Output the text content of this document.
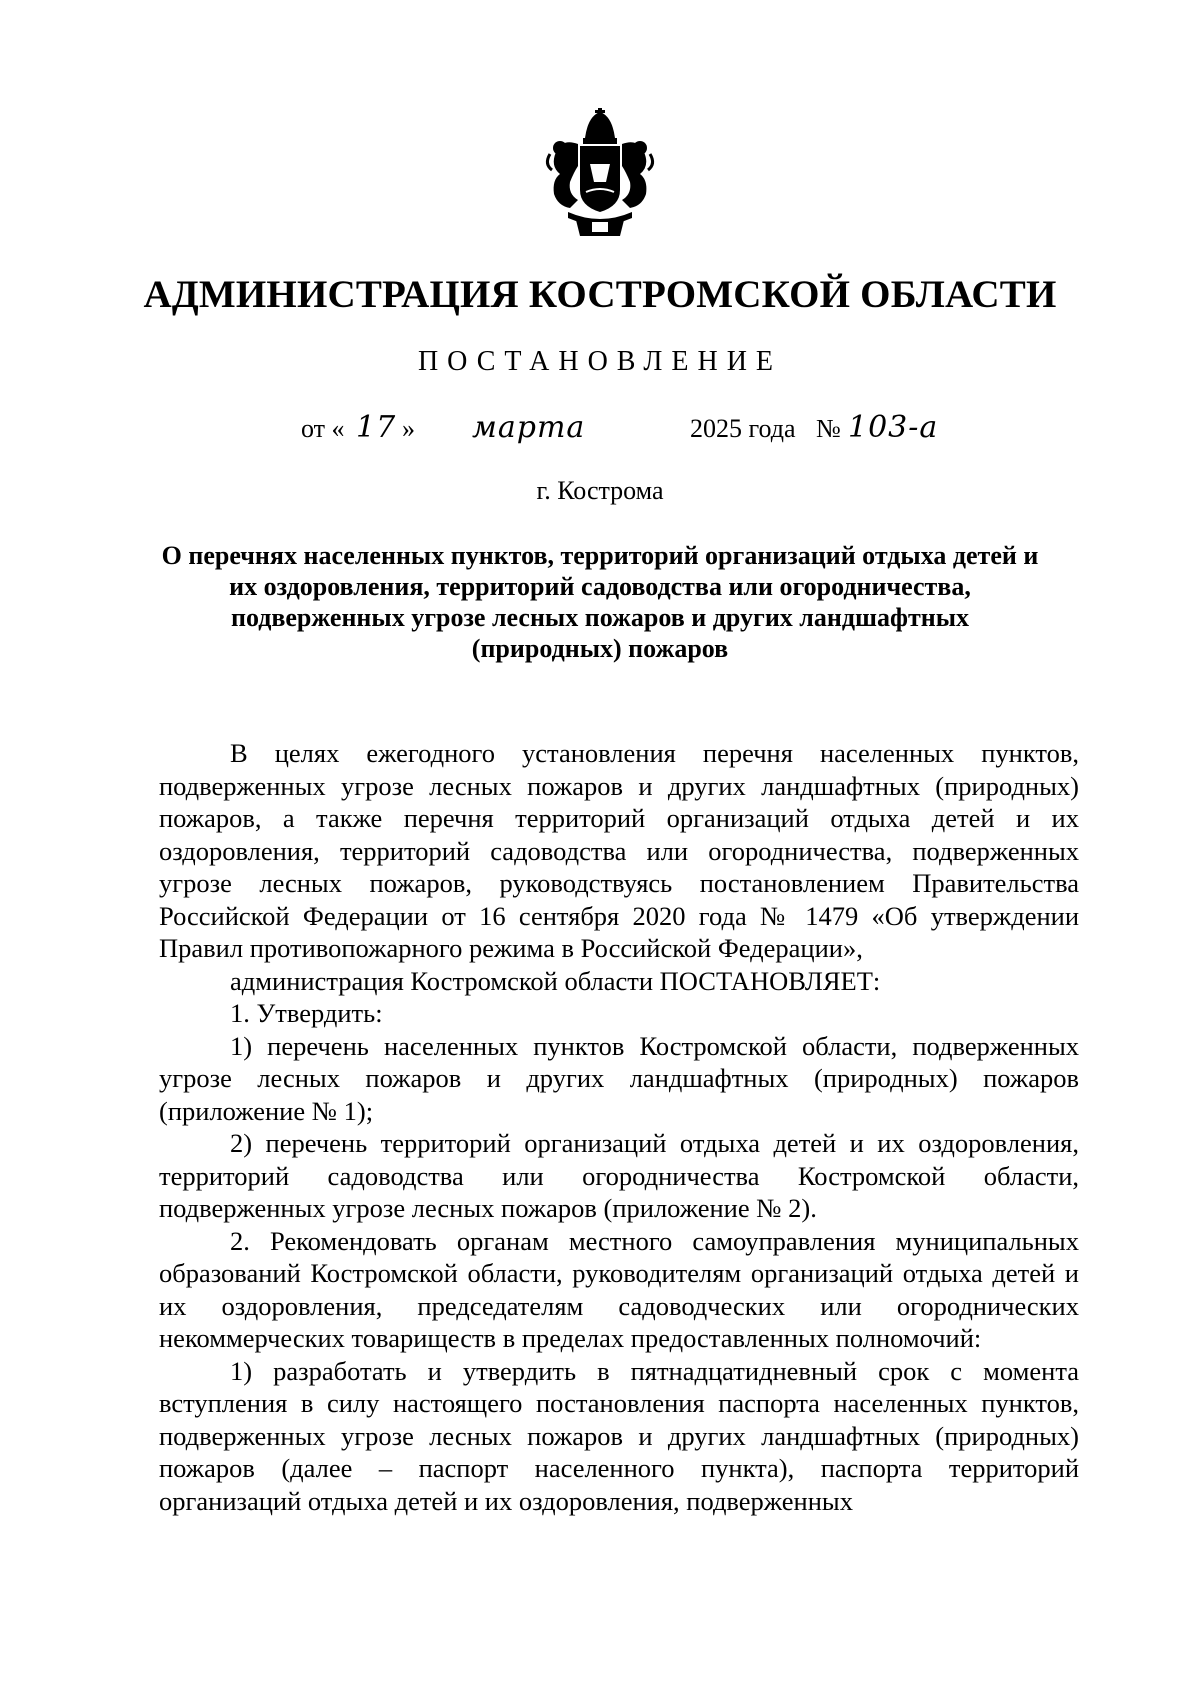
АДМИНИСТРАЦИЯ КОСТРОМСКОЙ ОБЛАСТИ
ПОСТАНОВЛЕНИЕ
от « 17 » марта	2025 года № 103-а
г. Кострома
О перечнях населенных пунктов, территорий организаций отдыха детей и их оздоровления, территорий садоводства или огородничества, подверженных угрозе лесных пожаров и других ландшафтных (природных) пожаров

В целях ежегодного установления перечня населенных пунктов, подверженных угрозе лесных пожаров и других ландшафтных (природных) пожаров, а также перечня территорий организаций отдыха детей и их оздоровления, территорий садоводства или огородничества, подверженных угрозе лесных пожаров, руководствуясь постановлением Правительства Российской Федерации от 16 сентября 2020 года № 1479 «Об утверждении Правил противопожарного режима в Российской Федерации»,

администрация Костромской области ПОСТАНОВЛЯЕТ:

1. Утвердить:

1) перечень населенных пунктов Костромской области, подверженных угрозе лесных пожаров и других ландшафтных (природных) пожаров (приложение № 1);

2) перечень территорий организаций отдыха детей и их оздоровления, территорий садоводства или огородничества Костромской области, подверженных угрозе лесных пожаров (приложение № 2).

2. Рекомендовать органам местного самоуправления муниципальных образований Костромской области, руководителям организаций отдыха детей и их оздоровления, председателям садоводческих или огороднических некоммерческих товариществ в пределах предоставленных полномочий:

1) разработать и утвердить в пятнадцатидневный срок с момента вступления в силу настоящего постановления паспорта населенных пунктов, подверженных угрозе лесных пожаров и других ландшафтных (природных) пожаров (далее – паспорт населенного пункта), паспорта территорий организаций отдыха детей и их оздоровления, подверженных
